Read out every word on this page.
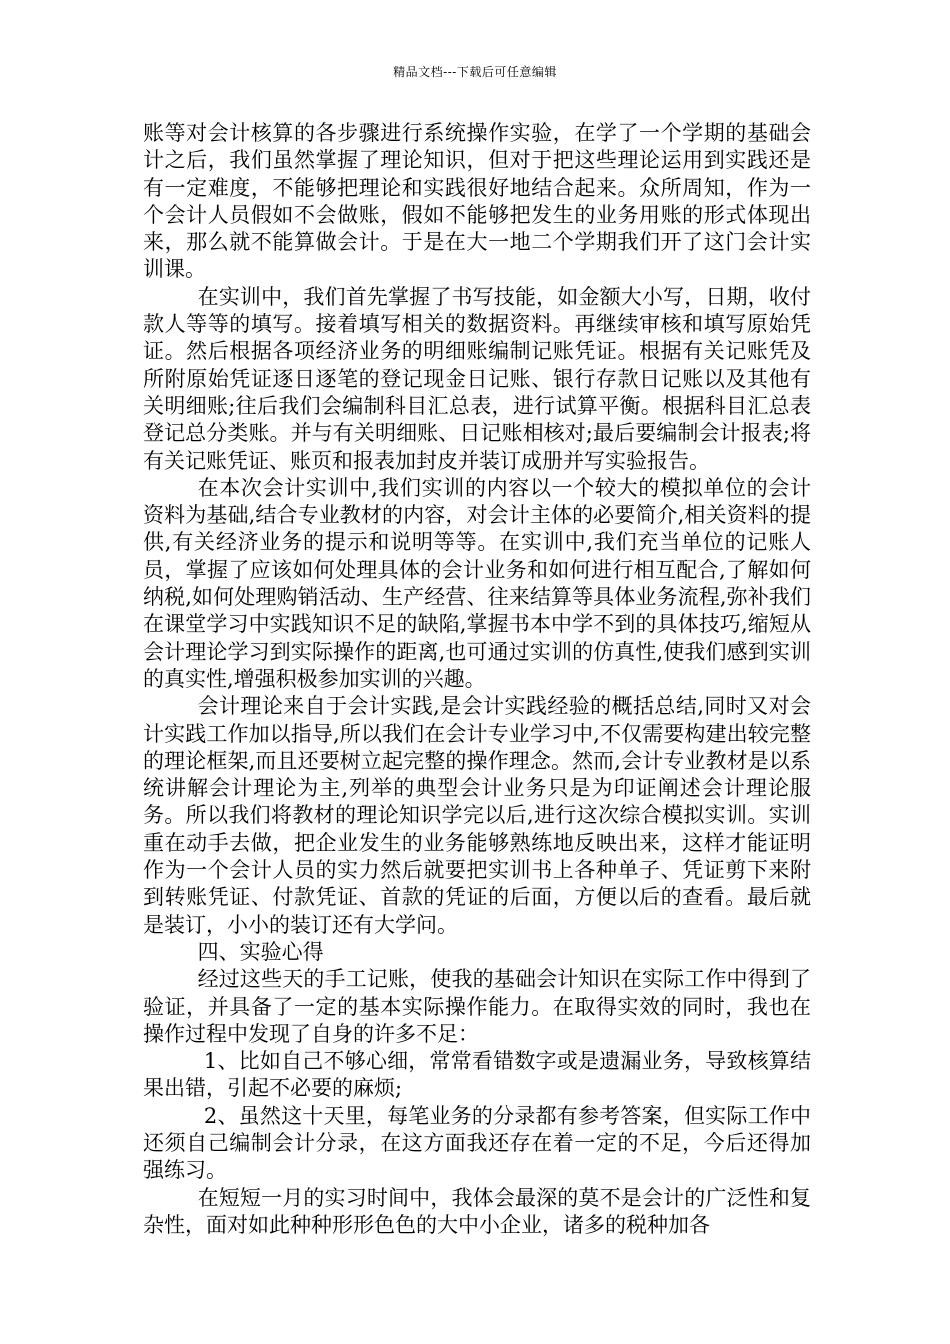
精品文档---下载后可任意编辑

账等对会计核算的各步骤进行系统操作实验，在学了一个学期的基础会计之后，我们虽然掌握了理论知识，但对于把这些理论运用到实践还是有一定难度，不能够把理论和实践很好地结合起来。众所周知，作为一个会计人员假如不会做账，假如不能够把发生的业务用账的形式体现出来，那么就不能算做会计。于是在大一地二个学期我们开了这门会计实训课。

在实训中，我们首先掌握了书写技能，如金额大小写，日期，收付款人等等的填写。接着填写相关的数据资料。再继续审核和填写原始凭证。然后根据各项经济业务的明细账编制记账凭证。根据有关记账凭及所附原始凭证逐日逐笔的登记现金日记账、银行存款日记账以及其他有关明细账;往后我们会编制科目汇总表，进行试算平衡。根据科目汇总表登记总分类账。并与有关明细账、日记账相核对;最后要编制会计报表;将有关记账凭证、账页和报表加封皮并装订成册并写实验报告。

在本次会计实训中,我们实训的内容以一个较大的模拟单位的会计资料为基础,结合专业教材的内容，对会计主体的必要简介,相关资料的提供,有关经济业务的提示和说明等等。在实训中,我们充当单位的记账人员，掌握了应该如何处理具体的会计业务和如何进行相互配合,了解如何纳税,如何处理购销活动、生产经营、往来结算等具体业务流程,弥补我们在课堂学习中实践知识不足的缺陷,掌握书本中学不到的具体技巧,缩短从会计理论学习到实际操作的距离,也可通过实训的仿真性,使我们感到实训的真实性,增强积极参加实训的兴趣。

会计理论来自于会计实践,是会计实践经验的概括总结,同时又对会计实践工作加以指导,所以我们在会计专业学习中,不仅需要构建出较完整的理论框架,而且还要树立起完整的操作理念。然而,会计专业教材是以系统讲解会计理论为主,列举的典型会计业务只是为印证阐述会计理论服务。所以我们将教材的理论知识学完以后,进行这次综合模拟实训。实训重在动手去做，把企业发生的业务能够熟练地反映出来，这样才能证明作为一个会计人员的实力然后就要把实训书上各种单子、凭证剪下来附到转账凭证、付款凭证、首款的凭证的后面，方便以后的查看。最后就是装订，小小的装订还有大学问。

四、实验心得

经过这些天的手工记账，使我的基础会计知识在实际工作中得到了验证，并具备了一定的基本实际操作能力。在取得实效的同时，我也在操作过程中发现了自身的许多不足：

1、比如自己不够心细，常常看错数字或是遗漏业务，导致核算结果出错，引起不必要的麻烦;

2、虽然这十天里，每笔业务的分录都有参考答案，但实际工作中还须自己编制会计分录，在这方面我还存在着一定的不足，今后还得加强练习。

在短短一月的实习时间中，我体会最深的莫不是会计的广泛性和复杂性，面对如此种种形形色色的大中小企业，诸多的税种加各
